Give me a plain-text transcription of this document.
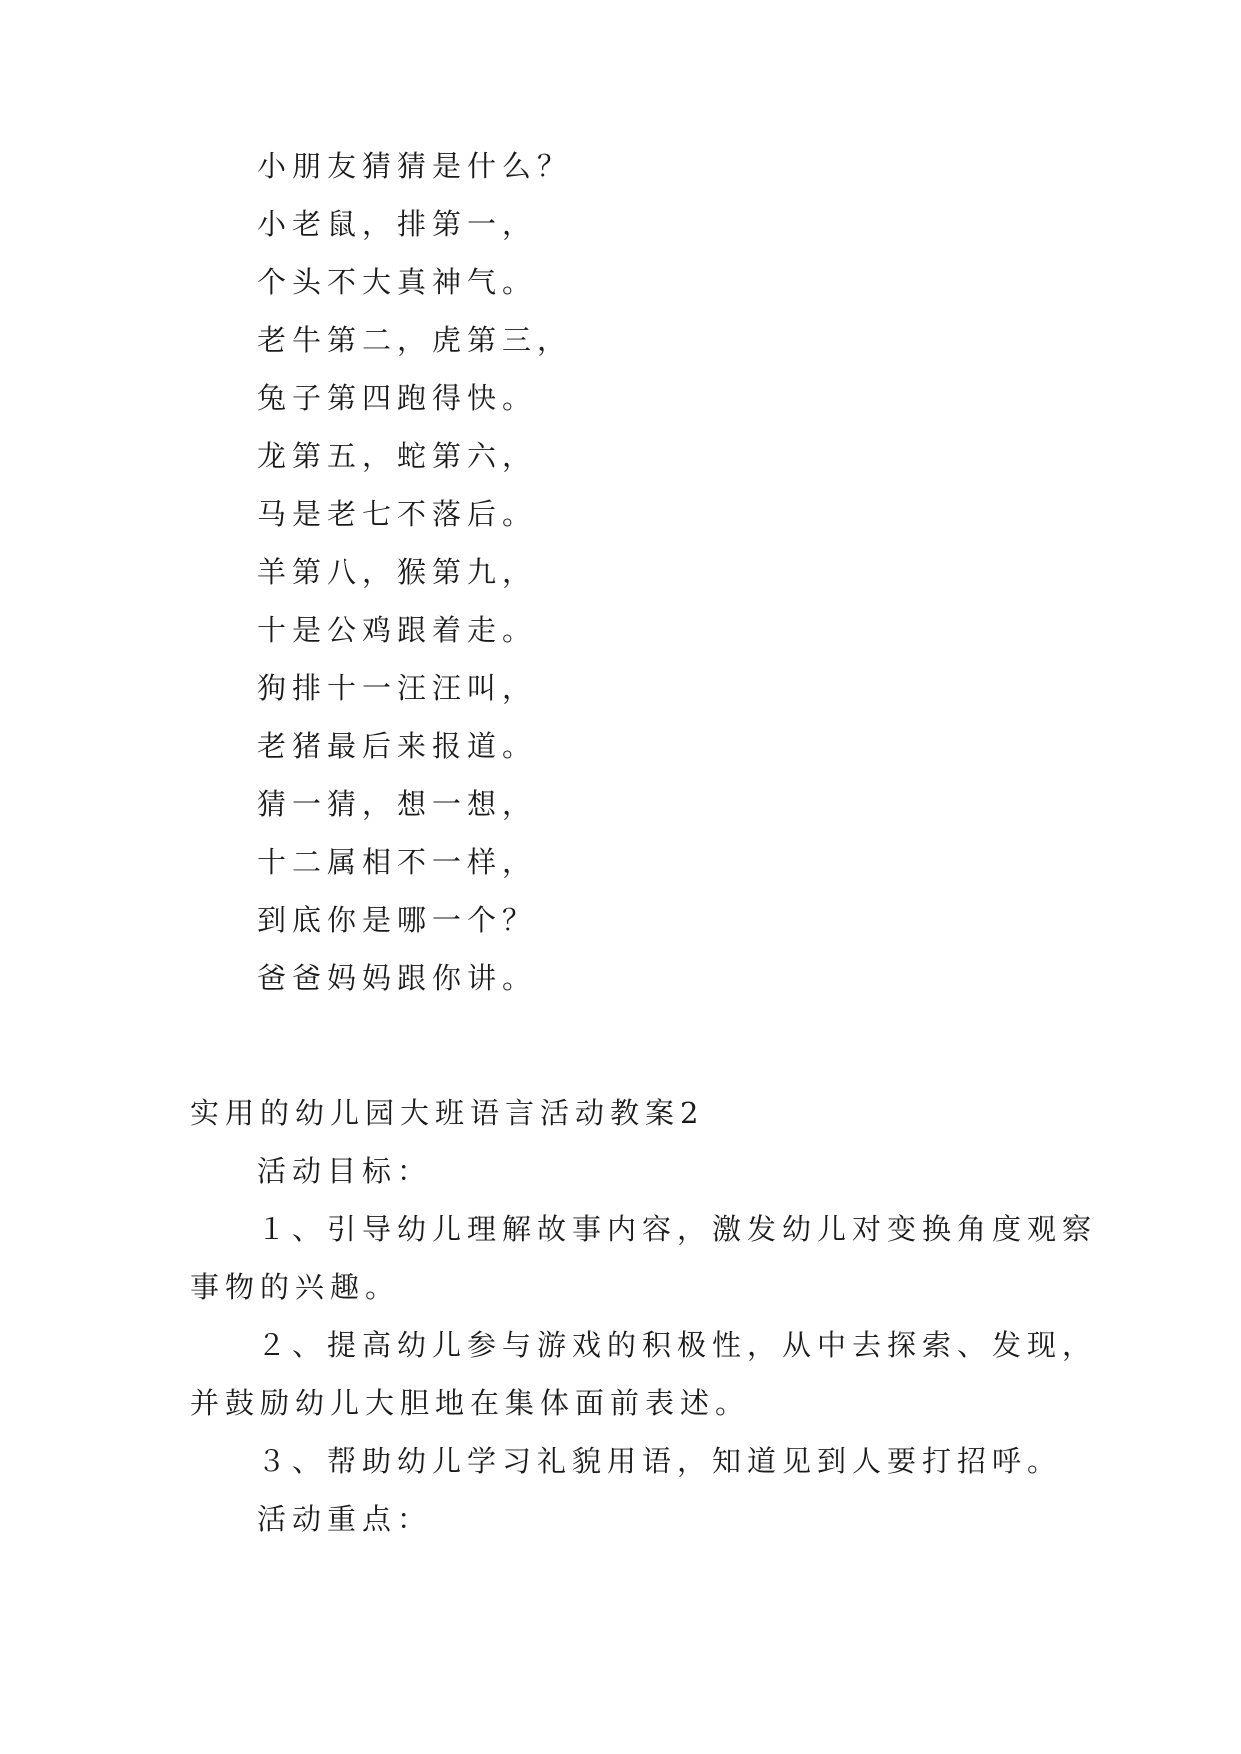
小朋友猜猜是什么？
小老鼠，排第一，
个头不大真神气。
老牛第二，虎第三，
兔子第四跑得快。
龙第五，蛇第六，
马是老七不落后。
羊第八，猴第九，
十是公鸡跟着走。
狗排十一汪汪叫，
老猪最后来报道。
猜一猜，想一想，
十二属相不一样，
到底你是哪一个？
爸爸妈妈跟你讲。
实用的幼儿园大班语言活动教案2
活动目标：
１、引导幼儿理解故事内容，激发幼儿对变换角度观察
事物的兴趣。
２、提高幼儿参与游戏的积极性，从中去探索、发现，
并鼓励幼儿大胆地在集体面前表述。
３、帮助幼儿学习礼貌用语，知道见到人要打招呼。
活动重点：
